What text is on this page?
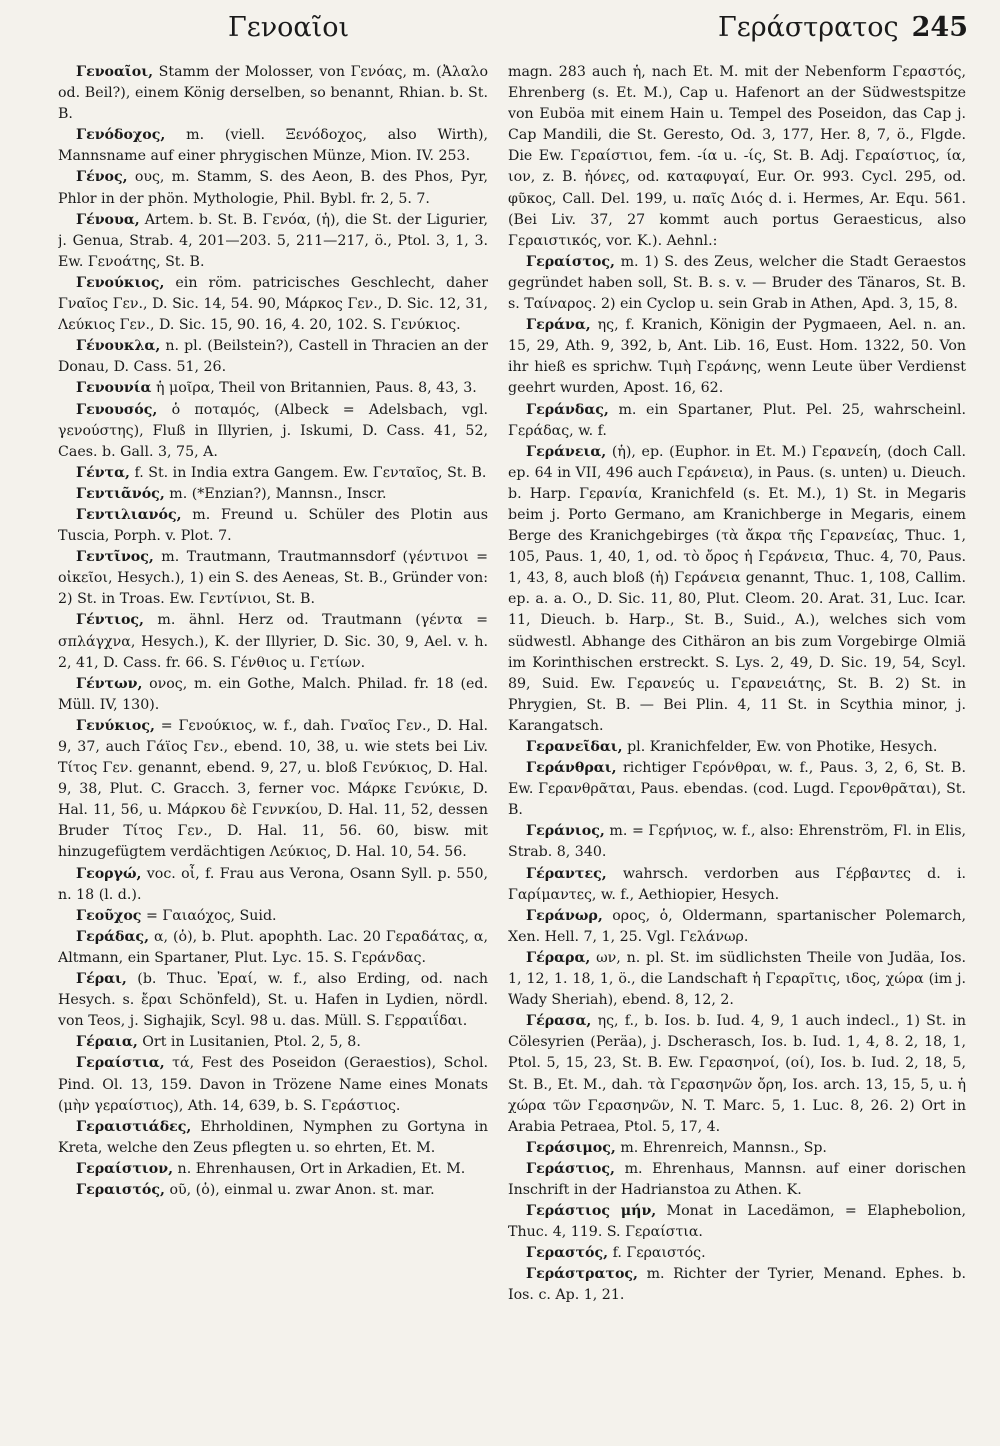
Γενοαῖοι	Γεράστρατος 245

Γενοαῖοι, Stamm der Molosser, von Γενόας, m. (Ἀλαλο od. Beil?), einem König derselben, so benannt, Rhian. b. St. B.

Γενόδοχος, m. (viell. Ξενόδοχος, also Wirth), Mannsname auf einer phrygischen Münze, Mion. IV. 253.

Γένος, ους, m. Stamm, S. des Aeon, B. des Phos, Pyr, Phlor in der phön. Mythologie, Phil. Bybl. fr. 2, 5. 7.

Γένουα, Artem. b. St. B. Γενόα, (ἡ), die St. der Ligurier, j. Genua, Strab. 4, 201—203. 5, 211—217, ö., Ptol. 3, 1, 3. Ew. Γενοάτης, St. B.

Γενούκιος, ein röm. patricisches Geschlecht, daher Γναῖος Γεν., D. Sic. 14, 54. 90, Μάρκος Γεν., D. Sic. 12, 31, Λεύκιος Γεν., D. Sic. 15, 90. 16, 4. 20, 102. S. Γενύκιος.

Γένουκλα, n. pl. (Beilstein?), Castell in Thracien an der Donau, D. Cass. 51, 26.

Γενουνία ἡ μοῖρα, Theil von Britannien, Paus. 8, 43, 3.

Γενουσός, ὁ ποταμός, (Albeck = Adelsbach, vgl. γενούστης), Fluß in Illyrien, j. Iskumi, D. Cass. 41, 52, Caes. b. Gall. 3, 75, A.

Γέντα, f. St. in India extra Gangem. Ew. Γενταῖος, St. B.

Γεντιᾶνός, m. (*Enzian?), Mannsn., Inscr.

Γεντιλιανός, m. Freund u. Schüler des Plotin aus Tuscia, Porph. v. Plot. 7.

Γεντῖνος, m. Trautmann, Trautmannsdorf (γέντινοι = οἰκεῖοι, Hesych.), 1) ein S. des Aeneas, St. B., Gründer von: 2) St. in Troas. Ew. Γεντίνιοι, St. B.

Γέντιος, m. ähnl. Herz od. Trautmann (γέντα = σπλάγχνα, Hesych.), K. der Illyrier, D. Sic. 30, 9, Ael. v. h. 2, 41, D. Cass. fr. 66. S. Γένθιος u. Γετίων.

Γέντων, ονος, m. ein Gothe, Malch. Philad. fr. 18 (ed. Müll. IV, 130).

Γενύκιος, = Γενούκιος, w. f., dah. Γναῖος Γεν., D. Hal. 9, 37, auch Γάϊος Γεν., ebend. 10, 38, u. wie stets bei Liv. Τίτος Γεν. genannt, ebend. 9, 27, u. bloß Γενύκιος, D. Hal. 9, 38, Plut. C. Gracch. 3, ferner voc. Μάρκε Γενύκιε, D. Hal. 11, 56, u. Μάρκου δὲ Γεννκίου, D. Hal. 11, 52, dessen Bruder Τίτος Γεν., D. Hal. 11, 56. 60, bisw. mit hinzugefügtem verdächtigen Λεύκιος, D. Hal. 10, 54. 56.

Γεοργώ, voc. οἶ, f. Frau aus Verona, Osann Syll. p. 550, n. 18 (l. d.).

Γεοῦχος = Γαιαόχος, Suid.

Γεράδας, α, (ὁ), b. Plut. apophth. Lac. 20 Γεραδάτας, α, Altmann, ein Spartaner, Plut. Lyc. 15. S. Γεράνδας.

Γέραι, (b. Thuc. Ἐραί, w. f., also Erding, od. nach Hesych. s. ἔραι Schönfeld), St. u. Hafen in Lydien, nördl. von Teos, j. Sighajik, Scyl. 98 u. das. Müll. S. Γερραιΐδαι.

Γέραια, Ort in Lusitanien, Ptol. 2, 5, 8.

Γεραίστια, τά, Fest des Poseidon (Geraestios), Schol. Pind. Ol. 13, 159. Davon in Trözene Name eines Monats (μὴν γεραίστιος), Ath. 14, 639, b. S. Γεράστιος.

Γεραιστιάδες, Ehrholdinen, Nymphen zu Gortyna in Kreta, welche den Zeus pflegten u. so ehrten, Et. M.

Γεραίστιον, n. Ehrenhausen, Ort in Arkadien, Et. M.

Γεραιστός, οῦ, (ὁ), einmal u. zwar Anon. st. mar.

magn. 283 auch ἡ, nach Et. M. mit der Nebenform Γεραστός, Ehrenberg (s. Et. M.), Cap u. Hafenort an der Südwestspitze von Euböa mit einem Hain u. Tempel des Poseidon, das Cap j. Cap Mandili, die St. Geresto, Od. 3, 177, Her. 8, 7, ö., Flgde. Die Ew. Γεραίστιοι, fem. -ία u. -ίς, St. B. Adj. Γεραίστιος, ία, ιον, z. B. ἠόνες, od. καταφυγαί, Eur. Or. 993. Cycl. 295, od. φῦκος, Call. Del. 199, u. παῖς Διός d. i. Hermes, Ar. Equ. 561. (Bei Liv. 37, 27 kommt auch portus Geraesticus, also Γεραιστικός, vor. K.). Aehnl.:

Γεραίστος, m. 1) S. des Zeus, welcher die Stadt Geraestos gegründet haben soll, St. B. s. v. — Bruder des Tänaros, St. B. s. Ταίναρος. 2) ein Cyclop u. sein Grab in Athen, Apd. 3, 15, 8.

Γεράνα, ης, f. Kranich, Königin der Pygmaeen, Ael. n. an. 15, 29, Ath. 9, 392, b, Ant. Lib. 16, Eust. Hom. 1322, 50. Von ihr hieß es sprichw. Τιμὴ Γεράνης, wenn Leute über Verdienst geehrt wurden, Apost. 16, 62.

Γεράνδας, m. ein Spartaner, Plut. Pel. 25, wahrscheinl. Γεράδας, w. f.

Γεράνεια, (ἡ), ep. (Euphor. in Et. M.) Γερανείη, (doch Call. ep. 64 in VII, 496 auch Γεράνεια), in Paus. (s. unten) u. Dieuch. b. Harp. Γερανία, Kranichfeld (s. Et. M.), 1) St. in Megaris beim j. Porto Germano, am Kranichberge in Megaris, einem Berge des Kranichgebirges (τὰ ἄκρα τῆς Γερανείας, Thuc. 1, 105, Paus. 1, 40, 1, od. τὸ ὄρος ἡ Γεράνεια, Thuc. 4, 70, Paus. 1, 43, 8, auch bloß (ἡ) Γεράνεια genannt, Thuc. 1, 108, Callim. ep. a. a. O., D. Sic. 11, 80, Plut. Cleom. 20. Arat. 31, Luc. Icar. 11, Dieuch. b. Harp., St. B., Suid., A.), welches sich vom südwestl. Abhange des Cithäron an bis zum Vorgebirge Olmiä im Korinthischen erstreckt. S. Lys. 2, 49, D. Sic. 19, 54, Scyl. 89, Suid. Ew. Γερανεύς u. Γερανειάτης, St. B. 2) St. in Phrygien, St. B. — Bei Plin. 4, 11 St. in Scythia minor, j. Karangatsch.

Γερανεῖδαι, pl. Kranichfelder, Ew. von Photike, Hesych.

Γεράνθραι, richtiger Γερόνθραι, w. f., Paus. 3, 2, 6, St. B. Ew. Γερανθρᾶται, Paus. ebendas. (cod. Lugd. Γερονθρᾶται), St. B.

Γεράνιος, m. = Γερήνιος, w. f., also: Ehrenström, Fl. in Elis, Strab. 8, 340.

Γέραντες, wahrsch. verdorben aus Γέρβαντες d. i. Γαρίμαντες, w. f., Aethiopier, Hesych.

Γεράνωρ, ορος, ὁ, Oldermann, spartanischer Polemarch, Xen. Hell. 7, 1, 25. Vgl. Γελάνωρ.

Γέραρα, ων, n. pl. St. im südlichsten Theile von Judäa, Ios. 1, 12, 1. 18, 1, ö., die Landschaft ἡ Γεραρῖτις, ιδος, χώρα (im j. Wady Sheriah), ebend. 8, 12, 2.

Γέρασα, ης, f., b. Ios. b. Iud. 4, 9, 1 auch indecl., 1) St. in Cölesyrien (Peräa), j. Dscherasch, Ios. b. Iud. 1, 4, 8. 2, 18, 1, Ptol. 5, 15, 23, St. B. Ew. Γερασηνοί, (οί), Ios. b. Iud. 2, 18, 5, St. B., Et. M., dah. τὰ Γερασηνῶν ὄρη, Ios. arch. 13, 15, 5, u. ἡ χώρα τῶν Γερασηνῶν, N. T. Marc. 5, 1. Luc. 8, 26. 2) Ort in Arabia Petraea, Ptol. 5, 17, 4.

Γεράσιμος, m. Ehrenreich, Mannsn., Sp.

Γεράστιος, m. Ehrenhaus, Mannsn. auf einer dorischen Inschrift in der Hadrianstoa zu Athen. K.

Γεράστιος μήν, Monat in Lacedämon, = Elaphebolion, Thuc. 4, 119. S. Γεραίστια.

Γεραστός, f. Γεραιστός.

Γεράστρατος, m. Richter der Tyrier, Menand. Ephes. b. Ios. c. Ap. 1, 21.
